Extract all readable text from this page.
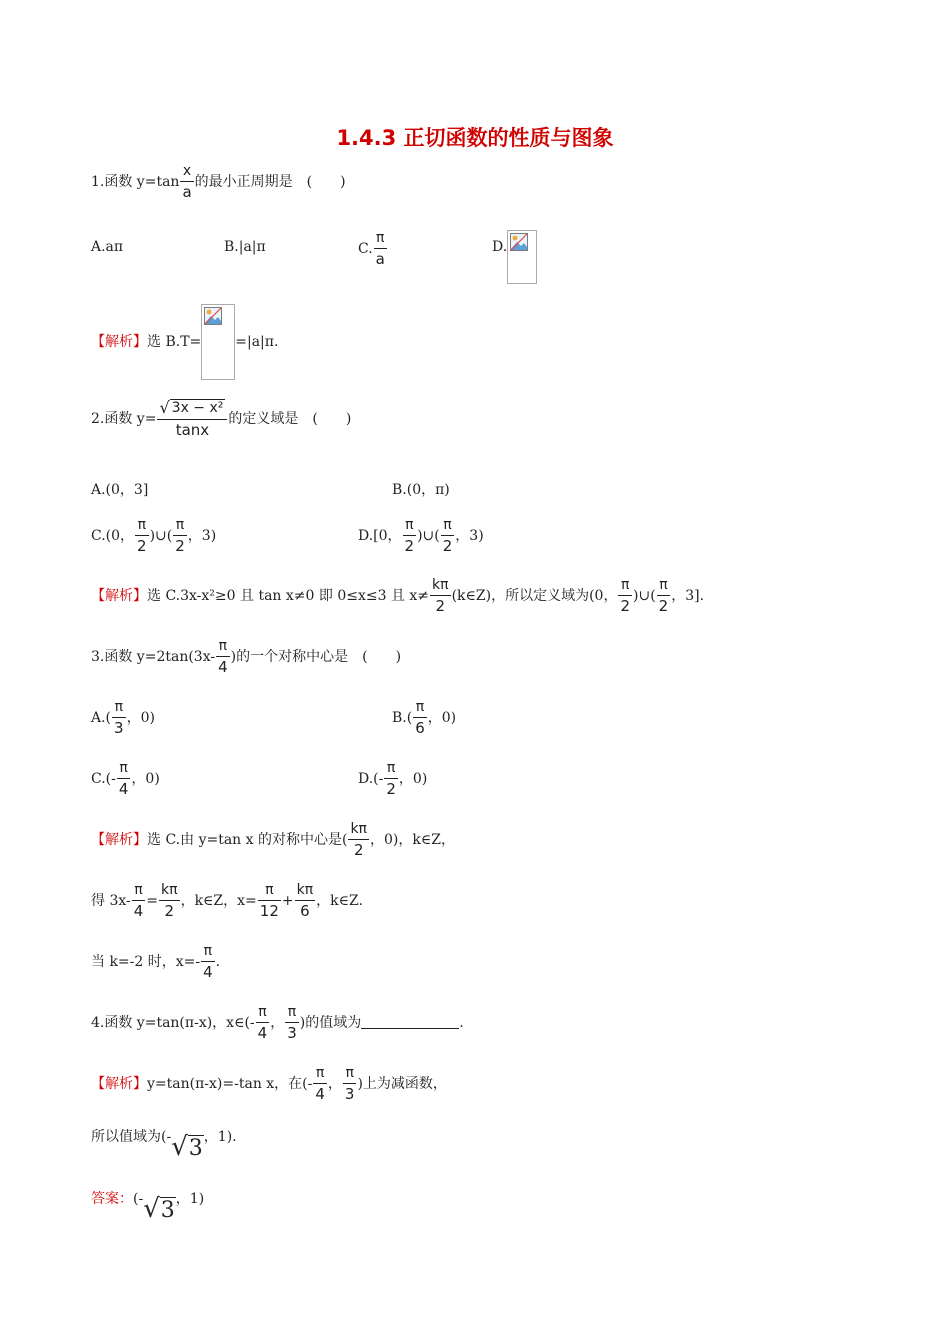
1.4.3 正切函数的性质与图象
1.函数 $y=\tan \frac{x}{a}$ 的最小正周期是　(　　)
A.aπ	B.|a|π	C. $\frac{\pi}{a}$	D.
【解析】选 B.T= =|a|π.
2.函数 $y= \frac{\text{√ 3x − x²}}{\tan x}$ 的定义域是　(　　)
A.(0，3]	B.(0，π)
C.(0， $\frac{\pi}{2}$ )∪( $\frac{\pi}{2}$ ，3)	D.[0， $\frac{\pi}{2}$ )∪( $\frac{\pi}{2}$ ，3)
【解析】选 C.3x-x²≥0 且 tan x≠0 即 0≤x≤3 且 $x\ne \frac{k\pi}{2}$ (k∈Z)，所以定义域为(0， $\frac{\pi}{2}$ )∪( $\frac{\pi}{2}$ ，3].
3.函数 $y=2\tan(3x- \frac{\pi}{4}$ )的一个对称中心是　(　　)
$A.( \frac{\pi}{3}$ ，0)	$B.( \frac{\pi}{6}$ ，0)
$C.(- \frac{\pi}{4}$ ，0)	$D.(- \frac{\pi}{2}$ ，0)
【解析】选 C.由 y=tan x 的对称中心是( $\frac{k\pi}{2}$ ，0)，k∈Z，
得 $3x- \frac{\pi}{4} = \frac{k\pi}{2}$ ，k∈Z，$x= \frac{\pi}{12} + \frac{k\pi}{6}$ ，k∈Z.
当 k=-2 时，$x=- \frac{\pi}{4}$ .
4.函数 y=tan(π-x)，x∈(- $\frac{\pi}{4}$ ， $\frac{\pi}{3}$ )的值域为	.
【解析】y=tan(π-x)=-tan x，在(- $\frac{\pi}{4}$ ， $\frac{\pi}{3}$ )上为减函数，
所以值域为(-√3，1).
答案：(-√3，1)
